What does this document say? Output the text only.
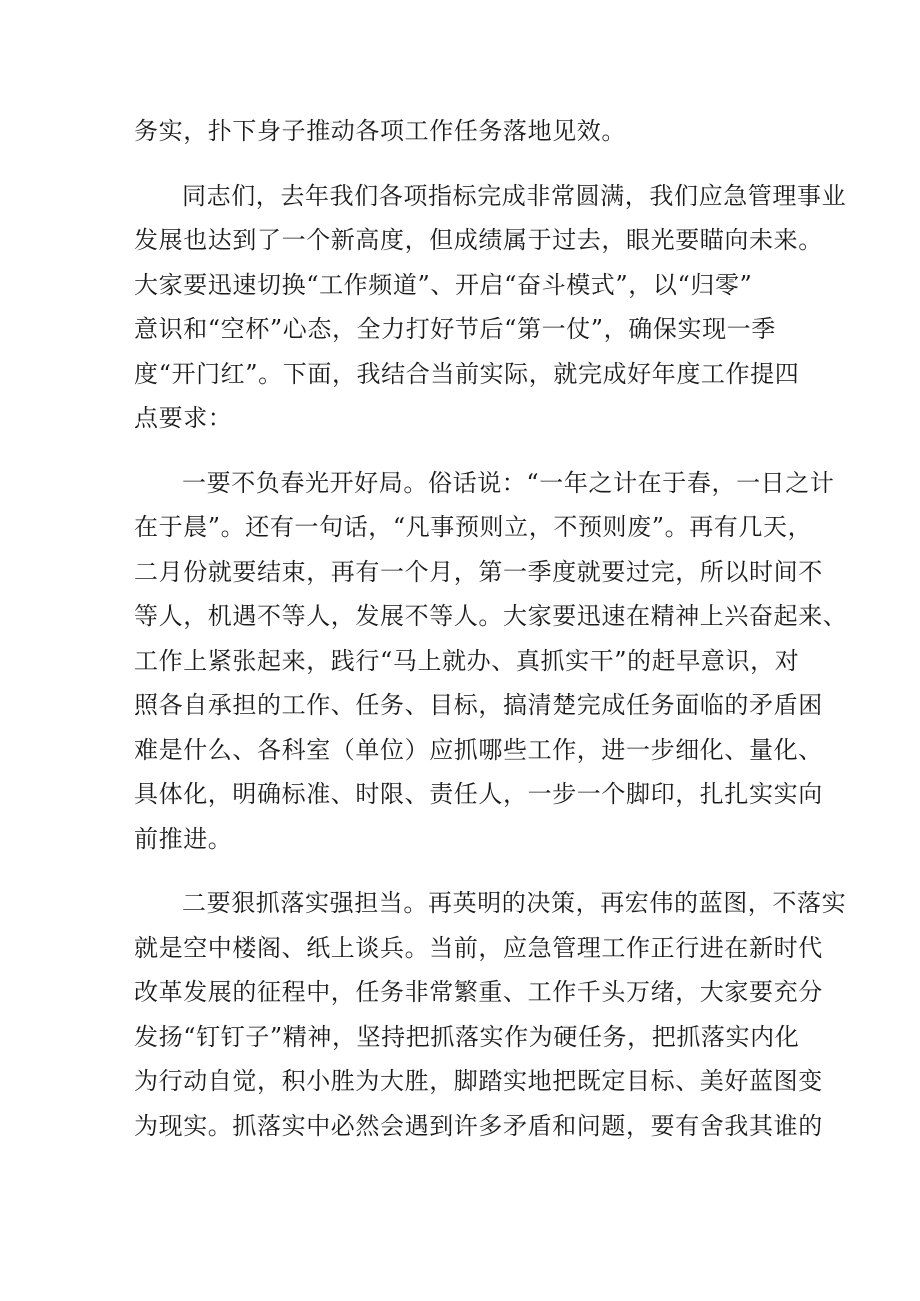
务实，扑下身子推动各项工作任务落地见效。
同志们，去年我们各项指标完成非常圆满，我们应急管理事业
发展也达到了一个新高度，但成绩属于过去，眼光要瞄向未来。
大家要迅速切换“工作频道”、开启“奋斗模式”，以“归零”
意识和“空杯”心态，全力打好节后“第一仗”，确保实现一季
度“开门红”。下面，我结合当前实际，就完成好年度工作提四
点要求：
一要不负春光开好局。俗话说：“一年之计在于春，一日之计
在于晨”。还有一句话，“凡事预则立，不预则废”。再有几天，
二月份就要结束，再有一个月，第一季度就要过完，所以时间不
等人，机遇不等人，发展不等人。大家要迅速在精神上兴奋起来、
工作上紧张起来，践行“马上就办、真抓实干”的赶早意识，对
照各自承担的工作、任务、目标，搞清楚完成任务面临的矛盾困
难是什么、各科室（单位）应抓哪些工作，进一步细化、量化、
具体化，明确标准、时限、责任人，一步一个脚印，扎扎实实向
前推进。
二要狠抓落实强担当。再英明的决策，再宏伟的蓝图，不落实
就是空中楼阁、纸上谈兵。当前，应急管理工作正行进在新时代
改革发展的征程中，任务非常繁重、工作千头万绪，大家要充分
发扬“钉钉子”精神，坚持把抓落实作为硬任务，把抓落实内化
为行动自觉，积小胜为大胜，脚踏实地把既定目标、美好蓝图变
为现实。抓落实中必然会遇到许多矛盾和问题，要有舍我其谁的
